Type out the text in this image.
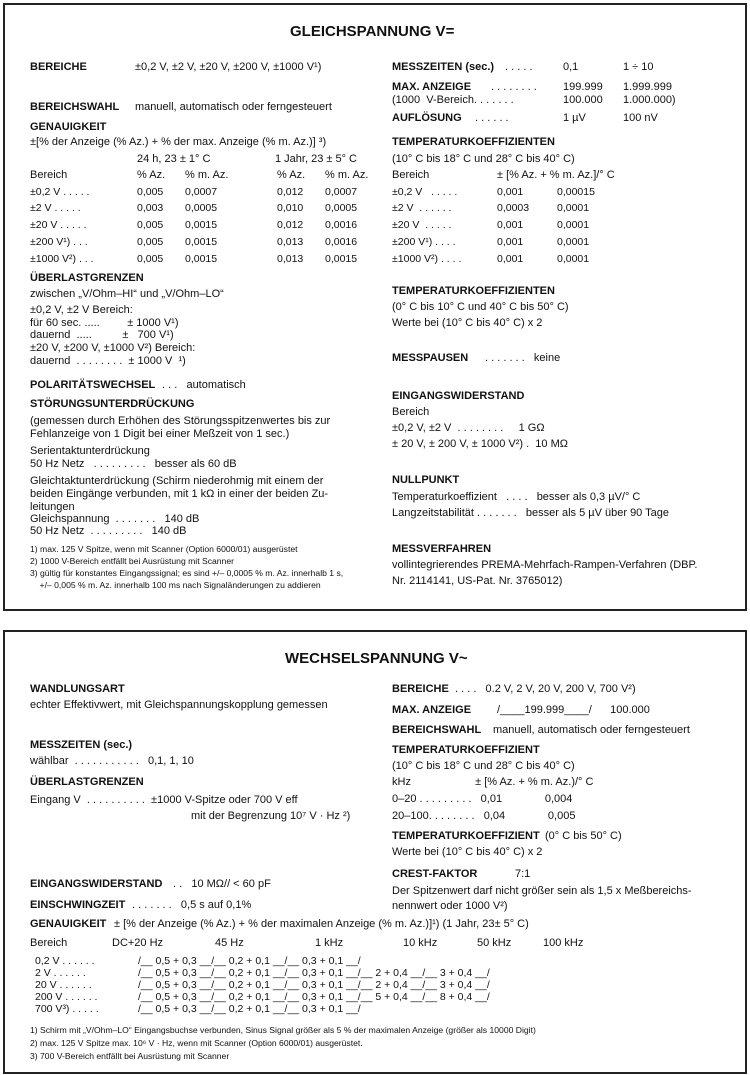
GLEICHSPANNUNG V=
BEREICHE	±0,2 V, ±2 V, ±20 V, ±200 V, ±1000 V¹)
BEREICHSWAHL manuell, automatisch oder ferngesteuert
GENAUIGKEIT
±[% der Anzeige (% Az.) + % der max. Anzeige (% m. Az.)] ³)
24 h, 23 ± 1° C	1 Jahr, 23 ± 5° C
Bereich	% Az. % m. Az.	% Az. % m. Az.
±0,2 V . . . . .	0,005 0,0007	0,012 0,0007
±2 V . . . . .	0,003 0,0005	0,010 0,0005
±20 V . . . . .	0,005 0,0015	0,012 0,0016
±200 V¹) . . .	0,005 0,0015	0,013 0,0016
±1000 V²) . . .	0,005 0,0015	0,013 0,0015
ÜBERLASTGRENZEN
zwischen „V/Ohm–HI“ und „V/Ohm–LO“
±0,2 V, ±2 V Bereich:
für 60 sec. .....         ± 1000 V¹)
dauernd  .....          ±   700 V¹)
±20 V, ±200 V, ±1000 V²) Bereich:
dauernd  . . . . . . . .  ± 1000 V  ¹)
POLARITÄTSWECHSEL . . .   automatisch
STÖRUNGSUNTERDRÜCKUNG
(gemessen durch Erhöhen des Störungsspitzenwertes bis zur
Fehlanzeige von 1 Digit bei einer Meßzeit von 1 sec.)
Serientaktunterdrückung
50 Hz Netz   . . . . . . . . .   besser als 60 dB
Gleichtaktunterdrückung (Schirm niederohmig mit einem der
beiden Eingänge verbunden, mit 1 kΩ in einer der beiden Zu-
leitungen
Gleichspannung  . . . . . . .   140 dB
50 Hz Netz  . . . . . . . . .   140 dB
1) max. 125 V Spitze, wenn mit Scanner (Option 6000/01) ausgerüstet
2) 1000 V-Bereich entfällt bei Ausrüstung mit Scanner
3) gültig für konstantes Eingangssignal; es sind +/– 0,0005 % m. Az. innerhalb 1 s,
+/– 0,005 % m. Az. innerhalb 100 ms nach Signaländerungen zu addieren
MESSZEITEN (sec.) . . . . .	0,1	1 ÷ 10
MAX. ANZEIGE . . . . . . . . 199.999 1.999.999
(1000  V-Bereich. . . . . . .	100.000 1.000.000)
AUFLÖSUNG . . . . . .	1 µV	100 nV
TEMPERATURKOEFFIZIENTEN
(10° C bis 18° C und 28° C bis 40° C)
Bereich	± [% Az. + % m. Az.]/° C
±0,2 V   . . . . .	0,001	0,00015
±2 V  . . . . . .	0,0003	0,0001
±20 V  . . . . .	0,001	0,0001
±200 V¹) . . . .	0,001	0,0001
±1000 V²) . . . .	0,001	0,0001
TEMPERATURKOEFFIZIENTEN
(0° C bis 10° C und 40° C bis 50° C)
Werte bei (10° C bis 40° C) x 2
MESSPAUSEN . . . . . . .   keine
EINGANGSWIDERSTAND
Bereich
±0,2 V, ±2 V  . . . . . . . .     1 GΩ
± 20 V, ± 200 V, ± 1000 V²) .  10 MΩ
NULLPUNKT
Temperaturkoeffizient   . . . .   besser als 0,3 µV/° C
Langzeitstabilität . . . . . . .   besser als 5 µV über 90 Tage
MESSVERFAHREN
vollintegrierendes PREMA-Mehrfach-Rampen-Verfahren (DBP.
Nr. 2114141, US-Pat. Nr. 3765012)
WECHSELSPANNUNG V~
WANDLUNGSART
echter Effektivwert, mit Gleichspannungskopplung gemessen
MESSZEITEN (sec.)
wählbar  . . . . . . . . . . .   0,1, 1, 10
ÜBERLASTGRENZEN
Eingang V  . . . . . . . . . .  ±1000 V-Spitze oder 700 V eff
mit der Begrenzung 10⁷ V · Hz ²)
EINGANGSWIDERSTAND . .   10 MΩ// < 60 pF
EINSCHWINGZEIT . . . . . . .   0,5 s auf 0,1%
BEREICHE . . . .   0.2 V, 2 V, 20 V, 200 V, 700 V²)
MAX. ANZEIGE /____199.999____/      100.000
BEREICHSWAHL manuell, automatisch oder ferngesteuert
TEMPERATURKOEFFIZIENT
(10° C bis 18° C und 28° C bis 40° C)
kHz                     ± [% Az. + % m. Az.)/° C
0–20 . . . . . . . . .   0,01              0,004
20–100. . . . . . . .   0,04              0,005
TEMPERATURKOEFFIZIENT (0° C bis 50° C)
Werte bei (10° C bis 40° C) x 2
CREST-FAKTOR	7:1
Der Spitzenwert darf nicht größer sein als 1,5 x Meßbereichs-
nennwert oder 1000 V²)
GENAUIGKEIT ± [% der Anzeige (% Az.) + % der maximalen Anzeige (% m. Az.)]¹) (1 Jahr, 23± 5° C)
Bereich	DC+20 Hz	45 Hz	1 kHz	10 kHz	50 kHz	100 kHz
0,2 V . . . . . .	/__ 0,5 + 0,3 __/__ 0,2 + 0,1 __/__ 0,3 + 0,1 __/
2 V . . . . . .	/__ 0,5 + 0,3 __/__ 0,2 + 0,1 __/__ 0,3 + 0,1 __/__ 2 + 0,4 __/__ 3 + 0,4 __/
20 V . . . . . .	/__ 0,5 + 0,3 __/__ 0,2 + 0,1 __/__ 0,3 + 0,1 __/__ 2 + 0,4 __/__ 3 + 0,4 __/
200 V . . . . . .	/__ 0,5 + 0,3 __/__ 0,2 + 0,1 __/__ 0,3 + 0,1 __/__ 5 + 0,4 __/__ 8 + 0,4 __/
700 V³) . . . . .	/__ 0,5 + 0,3 __/__ 0,2 + 0,1 __/__ 0,3 + 0,1 __/
1) Schirm mit „V/Ohm–LO“ Eingangsbuchse verbunden, Sinus Signal größer als 5 % der maximalen Anzeige (größer als 10000 Digit)
2) max. 125 V Spitze max. 10⁶ V · Hz, wenn mit Scanner (Option 6000/01) ausgerüstet.
3) 700 V-Bereich entfällt bei Ausrüstung mit Scanner
